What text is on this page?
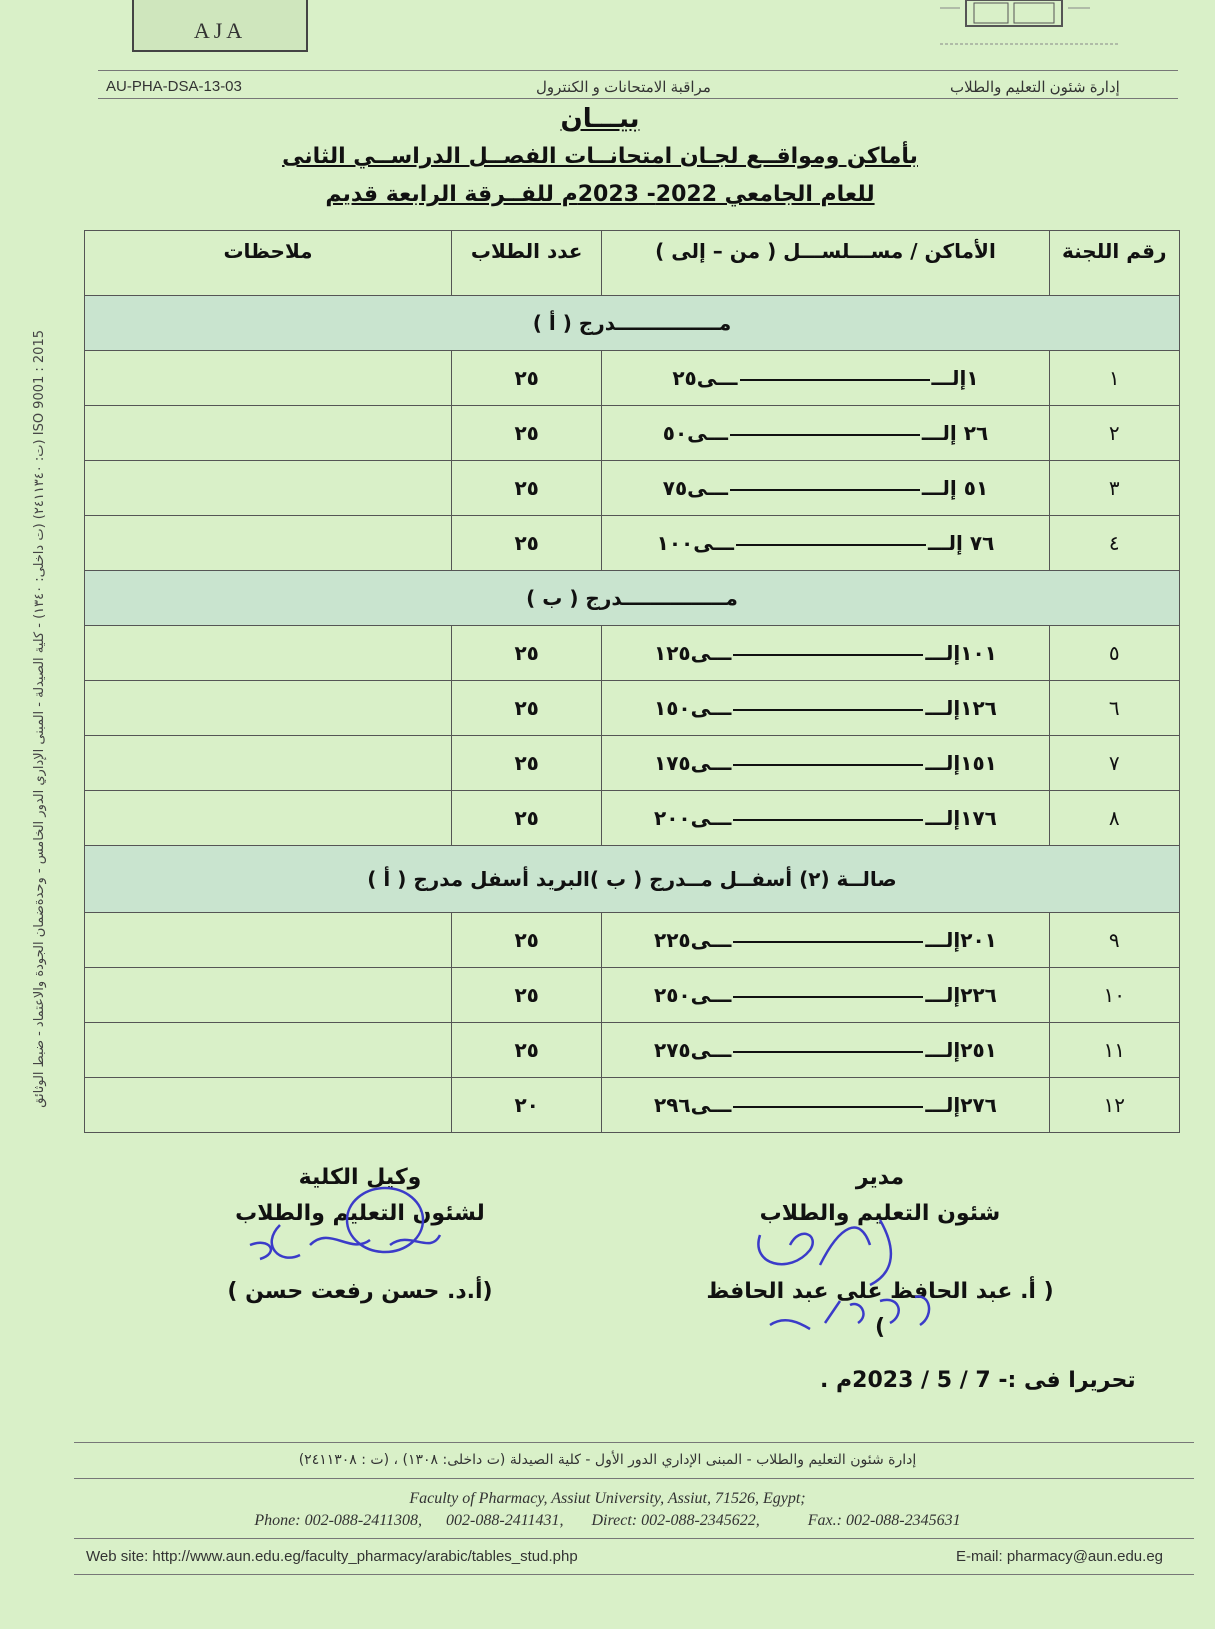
AJA
AU-PHA-DSA-13-03	مراقبة الامتحانات و الكنترول	إدارة شئون التعليم والطلاب
بيـــان
بأماكن ومواقــع لجـان امتحانــات الفصــل الدراســي الثانى
للعام الجامعي 2022- 2023م للفــرقة الرابعة قديم
رقم اللجنة	الأماكن / مســـلســـل ( من – إلى )	عدد الطلاب	ملاحظات
مـــــــــــــــدرج ( أ )			
١	١إلــــــى٢٥	٢٥	
٢	٢٦ إلــــــى٥٠	٢٥	
٣	٥١ إلــــــى٧٥	٢٥	
٤	٧٦ إلــــــى١٠٠	٢٥	
مـــــــــــــــدرج ( ب )			
٥	١٠١إلــــــى١٢٥	٢٥	
٦	١٢٦إلــــــى١٥٠	٢٥	
٧	١٥١إلــــــى١٧٥	٢٥	
٨	١٧٦إلــــــى٢٠٠	٢٥	
صالــة (٢) أسفــل مــدرج ( ب )البريد أسفل مدرج ( أ )			
٩	٢٠١إلــــــى٢٢٥	٢٥	
١٠	٢٢٦إلــــــى٢٥٠	٢٥	
١١	٢٥١إلــــــى٢٧٥	٢٥	
١٢	٢٧٦إلــــــى٢٩٦	٢٠	
مدير
شئون التعليم والطلاب
( أ. عبد الحافظ على عبد الحافظ )
وكيل الكلية
لشئون التعليم والطلاب
(أ.د. حسن رفعت حسن )
تحريرا فى :- 7 / 5 / 2023م .
إدارة شئون التعليم والطلاب - المبنى الإداري الدور الأول - كلية الصيدلة (ت داخلى: ١٣٠٨) ، (ت : ٢٤١١٣٠٨)
Faculty of Pharmacy, Assiut University, Assiut, 71526, Egypt;
Phone: 002-088-2411308,      002-088-2411431,       Direct: 002-088-2345622,            Fax.: 002-088-2345631
Web site: http://www.aun.edu.eg/faculty_pharmacy/arabic/tables_stud.php	E-mail: pharmacy@aun.edu.eg
ISO 9001 : 2015 (ت: ٢٤١١٣٤٠) (ت داخلى: ١٣٤٠) - كلية الصيدلة - المبنى الإداري الدور الخامس - وحدةضمان الجودة والاعتماد - ضبط الوثائق
